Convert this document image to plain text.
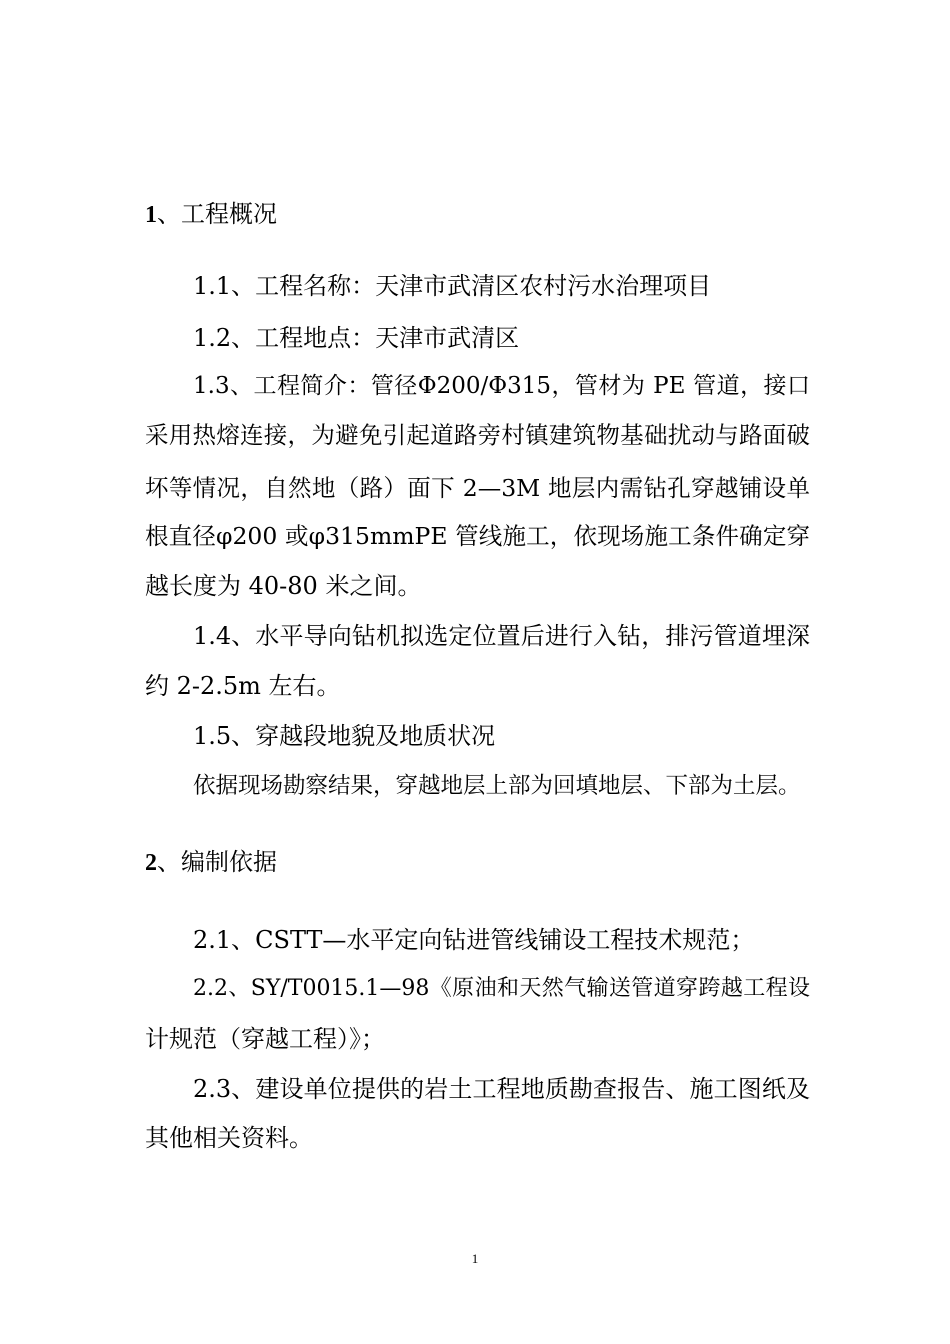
1、工程概况
1.1、工程名称：天津市武清区农村污水治理项目
1.2、工程地点：天津市武清区
1.3、工程简介：管径Φ200/Φ315，管材为 PE 管道，接口
采用热熔连接，为避免引起道路旁村镇建筑物基础扰动与路面破
坏等情况，自然地（路）面下 2—3M 地层内需钻孔穿越铺设单
根直径φ200 或φ315mmPE 管线施工，依现场施工条件确定穿
越长度为 40-80 米之间。
1.4、水平导向钻机拟选定位置后进行入钻，排污管道埋深
约 2-2.5m 左右。
1.5、穿越段地貌及地质状况
依据现场勘察结果，穿越地层上部为回填地层、下部为土层。
2、编制依据
2.1、CSTT—水平定向钻进管线铺设工程技术规范；
2.2、SY/T0015.1—98《原油和天然气输送管道穿跨越工程设
计规范（穿越工程）》；
2.3、建设单位提供的岩土工程地质勘查报告、施工图纸及
其他相关资料。
1
